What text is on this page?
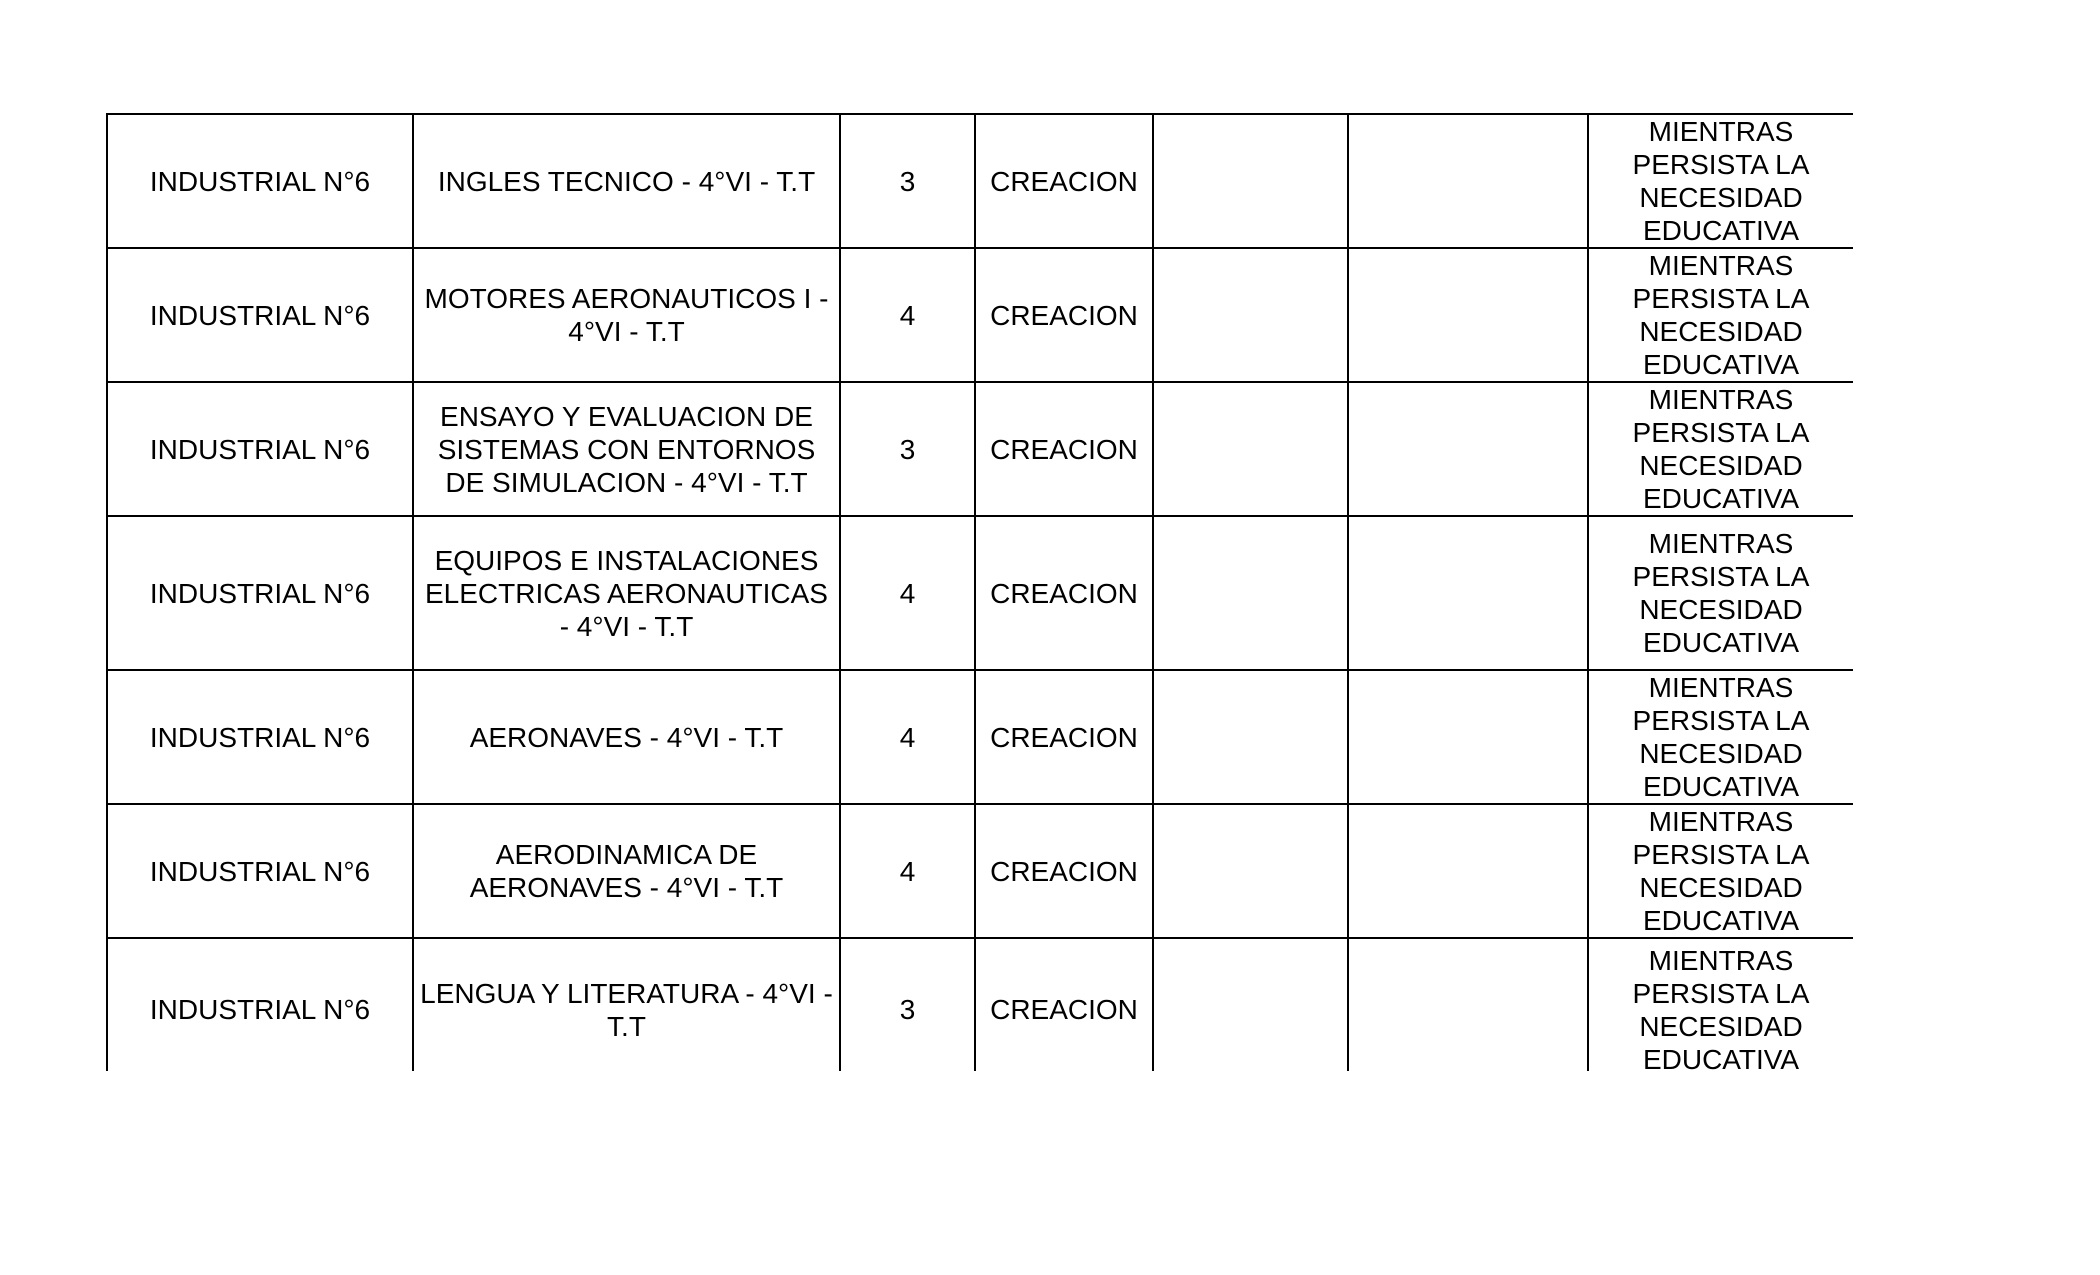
INDUSTRIAL N°6	INGLES TECNICO - 4°VI - T.T	3	CREACION			MIENTRAS PERSISTA LA NECESIDAD EDUCATIVA
INDUSTRIAL N°6	MOTORES AERONAUTICOS I - 4°VI - T.T	4	CREACION			MIENTRAS PERSISTA LA NECESIDAD EDUCATIVA
INDUSTRIAL N°6	ENSAYO Y EVALUACION DE SISTEMAS CON ENTORNOS DE SIMULACION - 4°VI - T.T	3	CREACION			MIENTRAS PERSISTA LA NECESIDAD EDUCATIVA
INDUSTRIAL N°6	EQUIPOS E INSTALACIONES ELECTRICAS AERONAUTICAS - 4°VI - T.T	4	CREACION			MIENTRAS PERSISTA LA NECESIDAD EDUCATIVA
INDUSTRIAL N°6	AERONAVES - 4°VI - T.T	4	CREACION			MIENTRAS PERSISTA LA NECESIDAD EDUCATIVA
INDUSTRIAL N°6	AERODINAMICA DE AERONAVES - 4°VI - T.T	4	CREACION			MIENTRAS PERSISTA LA NECESIDAD EDUCATIVA
INDUSTRIAL N°6	LENGUA Y LITERATURA - 4°VI - T.T	3	CREACION			MIENTRAS PERSISTA LA NECESIDAD EDUCATIVA
